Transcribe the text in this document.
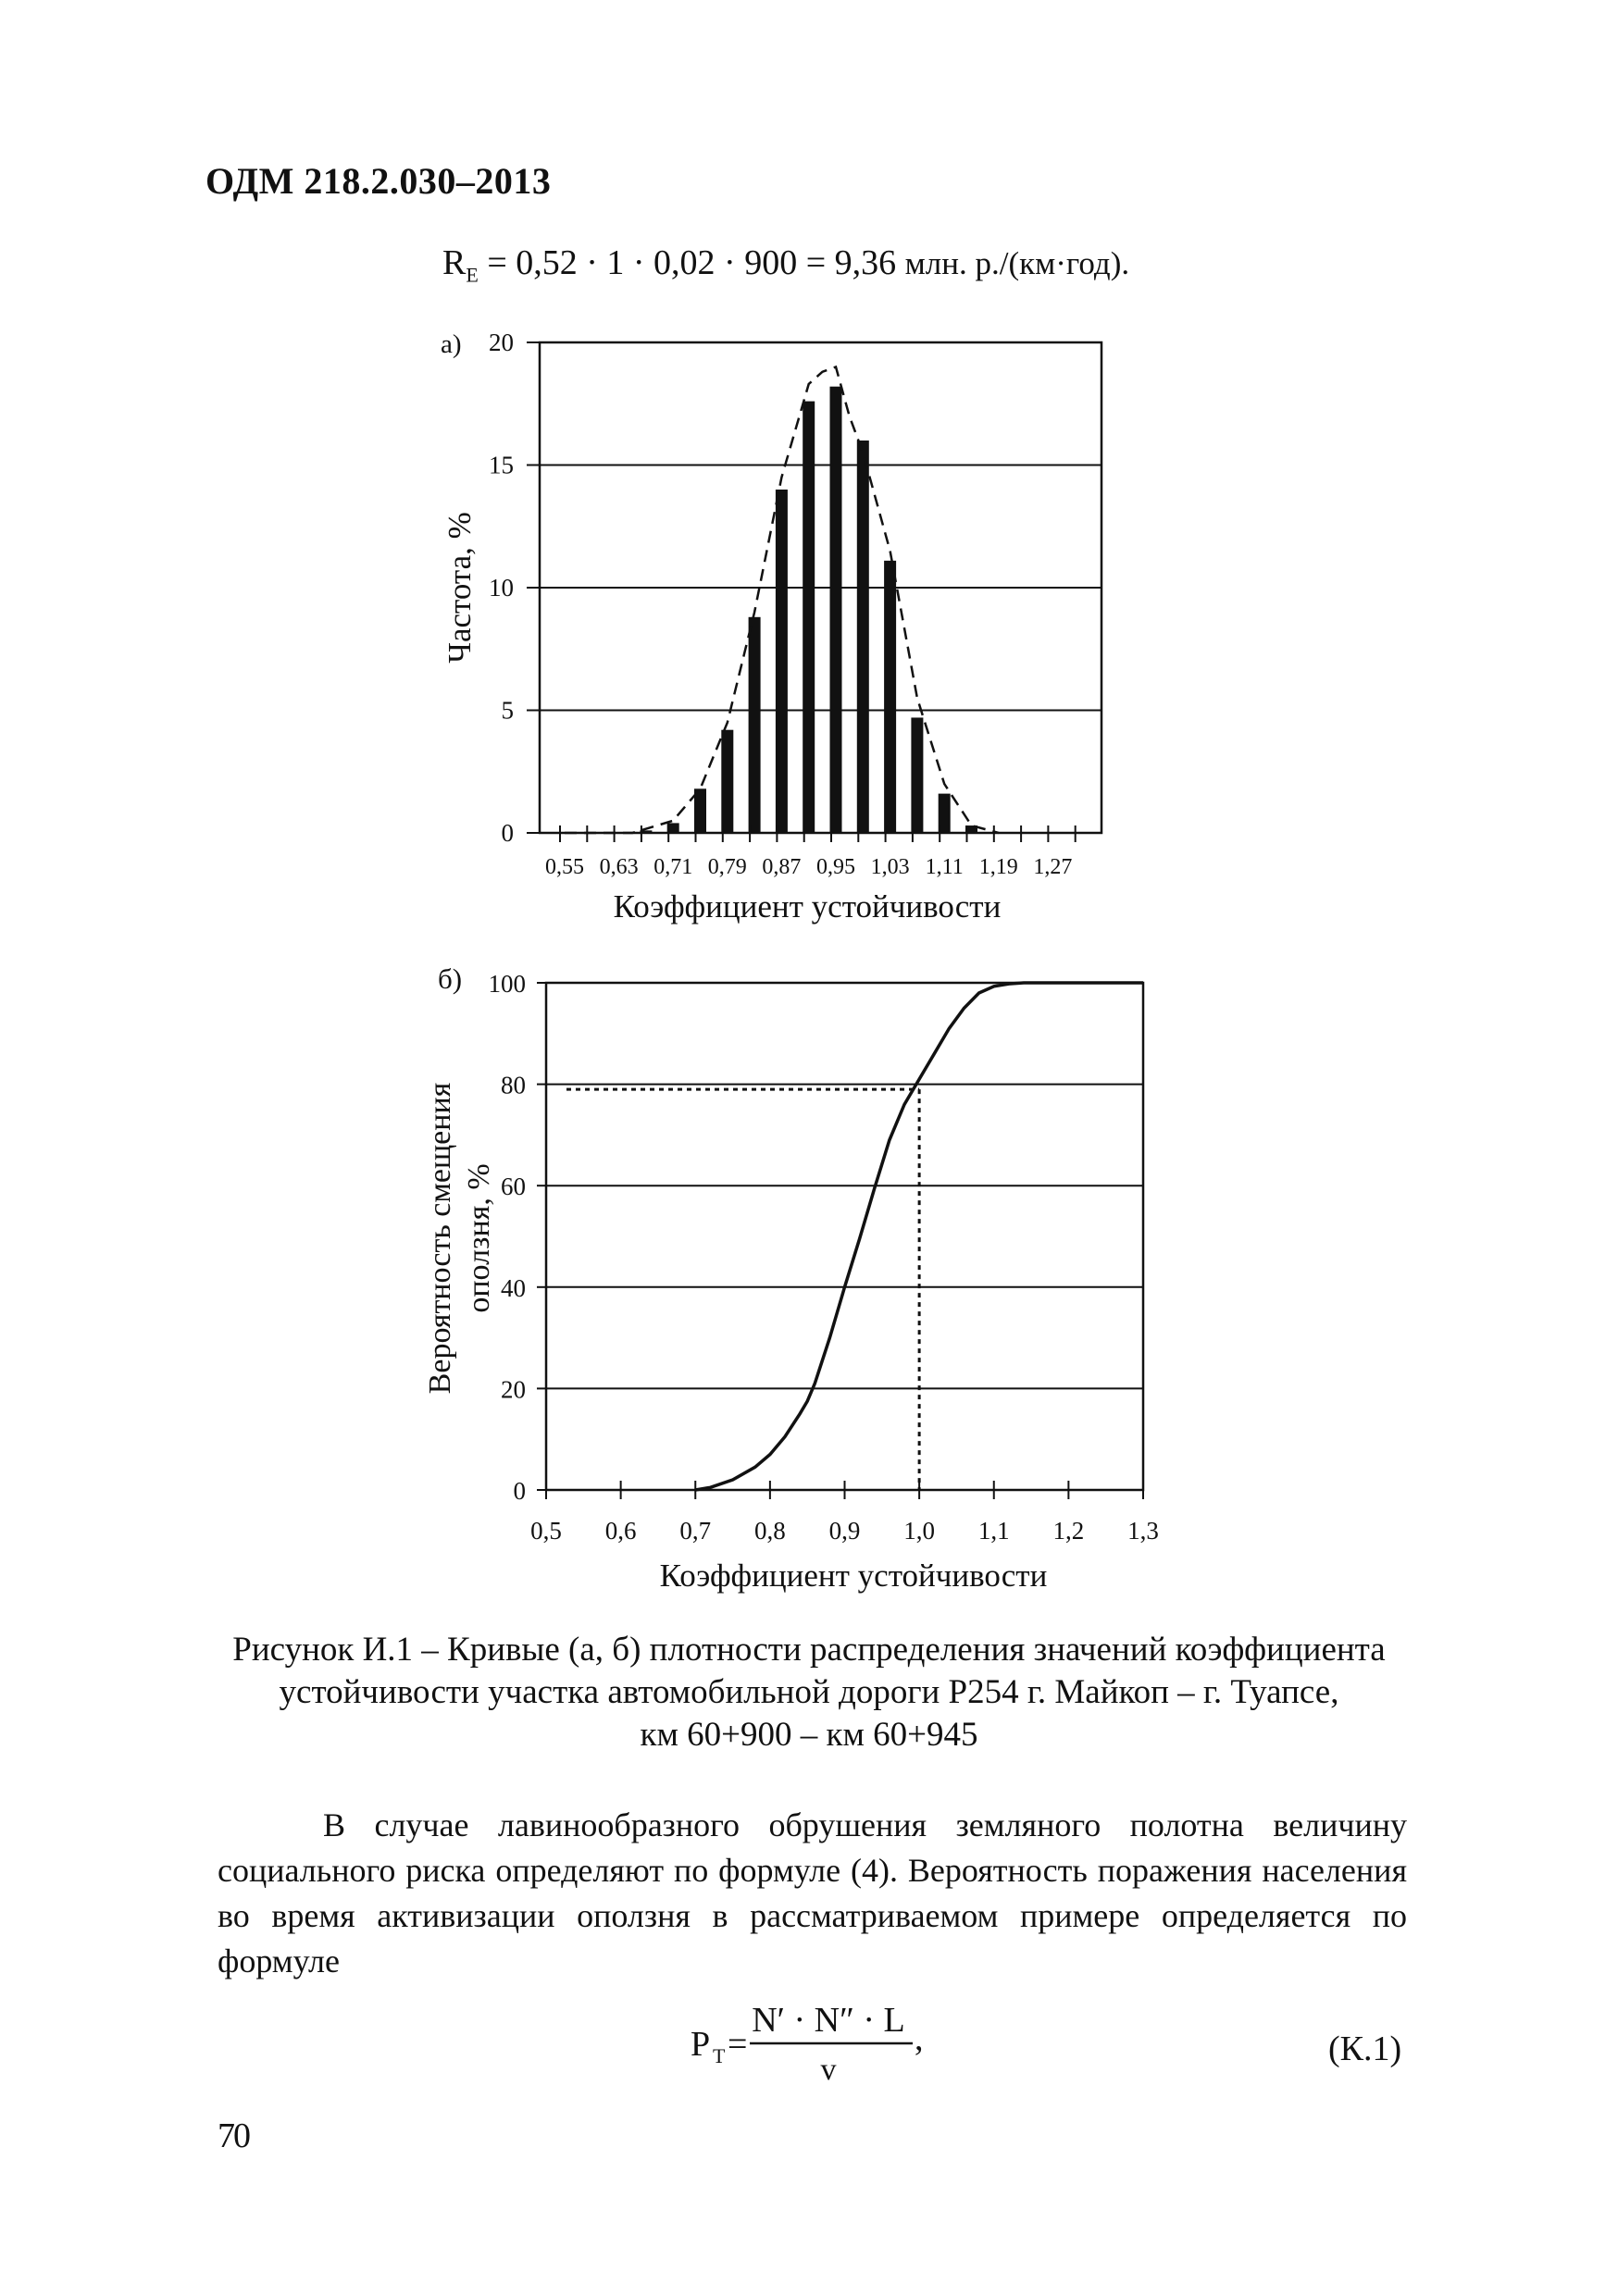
ОДМ 218.2.030–2013
$R_E = 0,52 \cdot 1 \cdot 0,02 \cdot 900 = 9,36$ млн. р./(км·год).
а)
0
5
10
15
20
0,55 0,63 0,71 0,79 0,87 0,95 1,03 1,11 1,19 1,27
Частота, %
Коэффициент устойчивости
б)
0
20
40
60
80
100
0,5 0,6 0,7 0,8 0,9 1,0 1,1 1,2 1,3
Вероятность смещения оползня, %
Коэффициент устойчивости
Рисунок И.1 – Кривые (а, б) плотности распределения значений коэффициента
устойчивости участка автомобильной дороги Р254 г. Майкоп – г. Туапсе,
км 60+900 – км 60+945
В случае лавинообразного обрушения земляного полотна величину
социального риска определяют по формуле (4). Вероятность поражения населения
во время активизации оползня в рассматриваемом примере определяется по
формуле
P T =
N′ · N″ · L
v
,	(К.1)
70
